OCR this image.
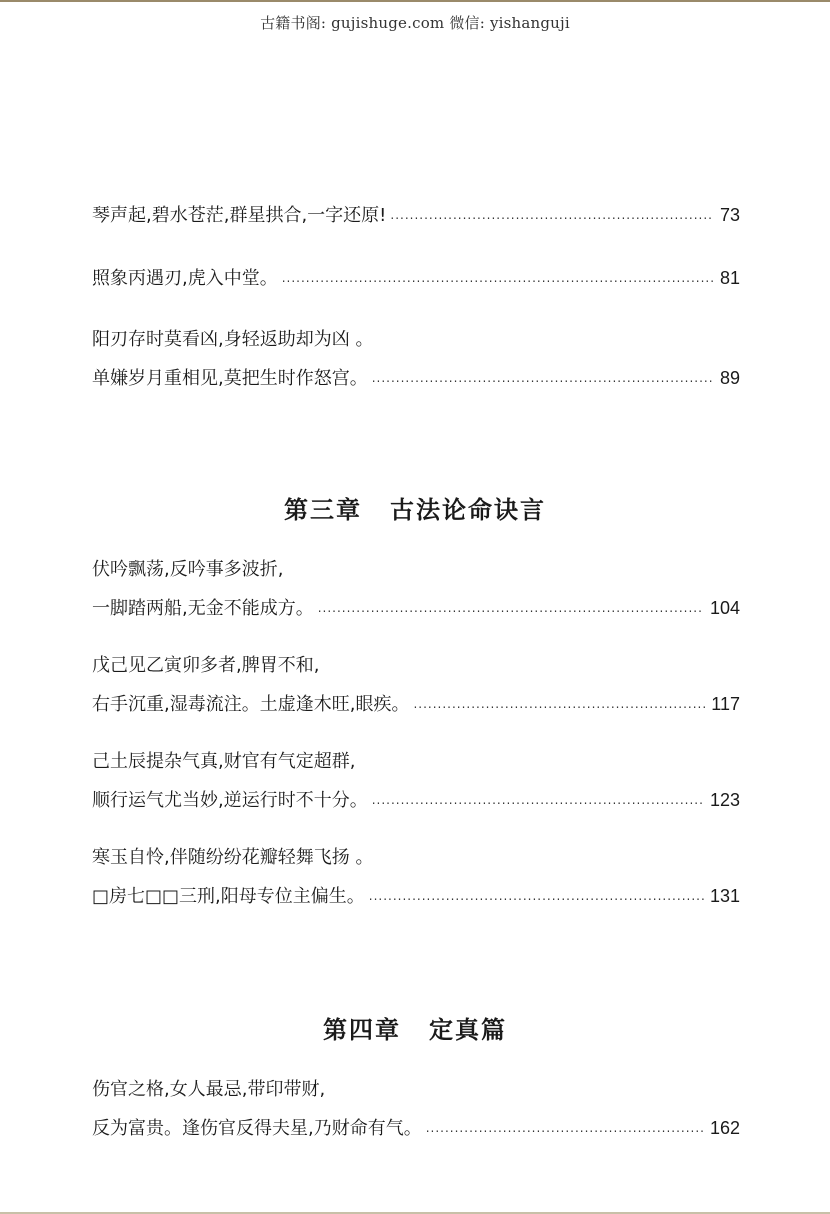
古籍书阁: gujishuge.com 微信: yishanguji
琴声起,碧水苍茫,群星拱合,一字还原! .....	73
照象丙遇刃,虎入中堂。 .....	81
阳刃存时莫看凶,身轻返助却为凶 。
单嫌岁月重相见,莫把生时作怒宫。 .....	89
第三章 古法论命诀言
伏吟飘荡,反吟事多波折,
一脚踏两船,无金不能成方。 .....	104
戊己见乙寅卯多者,脾胃不和,
右手沉重,湿毒流注。土虚逢木旺,眼疾。 .....	117
己土辰提杂气真,财官有气定超群,
顺行运气尤当妙,逆运行时不十分。 .....	123
寒玉自怜,伴随纷纷花瓣轻舞飞扬 。
□房七□□三刑,阳母专位主偏生。 .....	131
第四章 定真篇
伤官之格,女人最忌,带印带财,
反为富贵。逢伤官反得夫星,乃财命有气。 .....	162
